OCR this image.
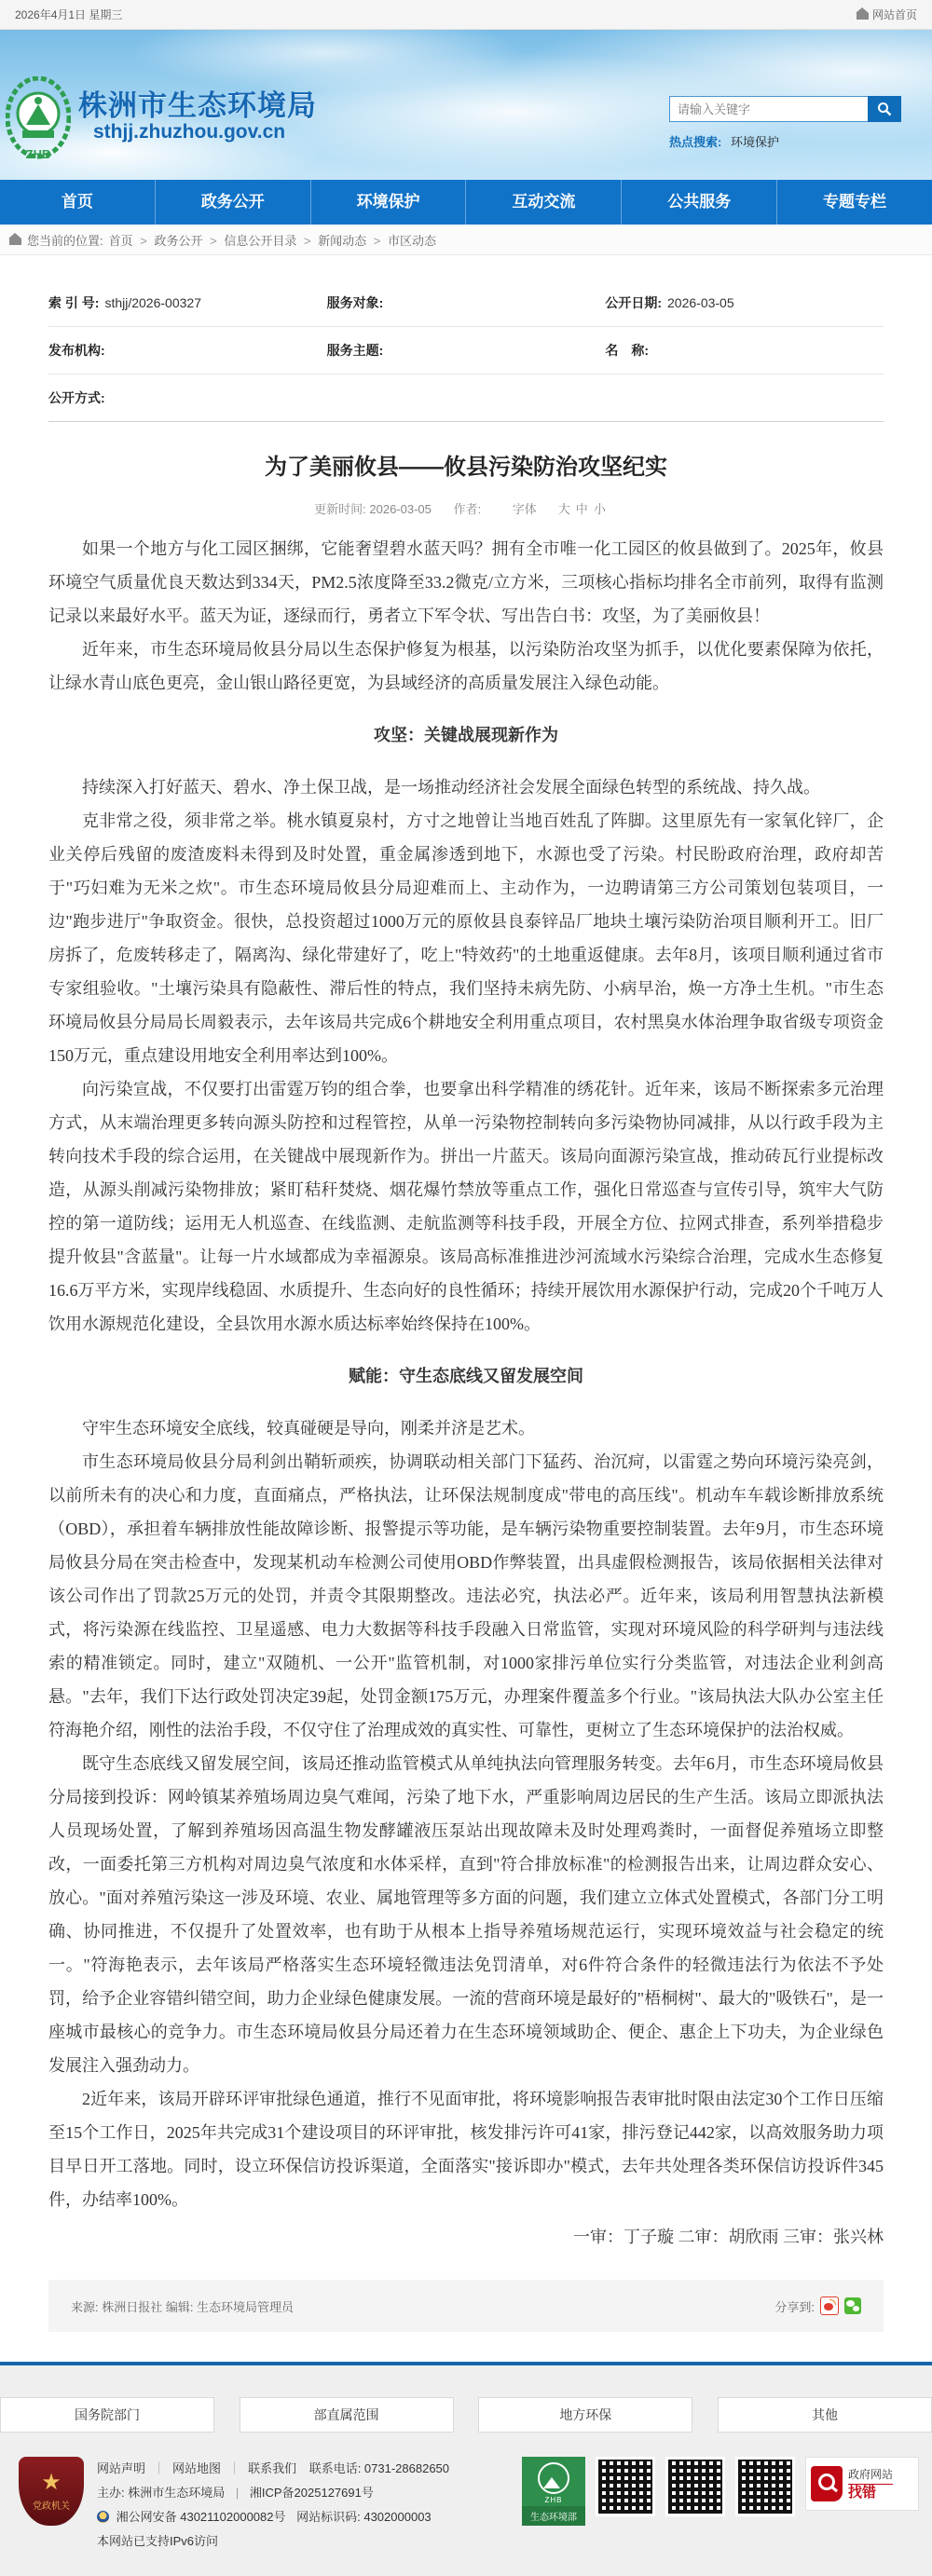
2026年4月1日 星期三	网站首页
ZHB
株洲市生态环境局
sthjj.zhuzhou.gov.cn
请输入关键字	热点搜索: 环境保护
首页	政务公开	环境保护	互动交流	公共服务	专题专栏
您当前的位置: 首页 > 政务公开 > 信息公开目录 > 新闻动态 > 市区动态
索 引 号: sthjj/2026-00327	服务对象:	公开日期: 2026-03-05
发布机构:	服务主题:	名　称:
公开方式:
为了美丽攸县——攸县污染防治攻坚纪实
更新时间: 2026-03-05 作者:	字体 大 中 小

如果一个地方与化工园区捆绑，它能奢望碧水蓝天吗？拥有全市唯一化工园区的攸县做到了。2025年，攸县环境空气质量优良天数达到334天，PM2.5浓度降至33.2微克/立方米，三项核心指标均排名全市前列，取得有监测记录以来最好水平。蓝天为证，逐绿而行，勇者立下军令状、写出告白书：攻坚，为了美丽攸县！

近年来，市生态环境局攸县分局以生态保护修复为根基，以污染防治攻坚为抓手，以优化要素保障为依托，让绿水青山底色更亮，金山银山路径更宽，为县域经济的高质量发展注入绿色动能。

攻坚：关键战展现新作为

持续深入打好蓝天、碧水、净土保卫战，是一场推动经济社会发展全面绿色转型的系统战、持久战。

克非常之役，须非常之举。桃水镇夏泉村，方寸之地曾让当地百姓乱了阵脚。这里原先有一家氧化锌厂，企业关停后残留的废渣废料未得到及时处置，重金属渗透到地下，水源也受了污染。村民盼政府治理，政府却苦于"巧妇难为无米之炊"。市生态环境局攸县分局迎难而上、主动作为，一边聘请第三方公司策划包装项目，一边"跑步进厅"争取资金。很快，总投资超过1000万元的原攸县良泰锌品厂地块土壤污染防治项目顺利开工。旧厂房拆了，危废转移走了，隔离沟、绿化带建好了，吃上"特效药"的土地重返健康。去年8月，该项目顺利通过省市专家组验收。"土壤污染具有隐蔽性、滞后性的特点，我们坚持未病先防、小病早治，焕一方净土生机。"市生态环境局攸县分局局长周毅表示，去年该局共完成6个耕地安全利用重点项目，农村黑臭水体治理争取省级专项资金150万元，重点建设用地安全利用率达到100%。

向污染宣战，不仅要打出雷霆万钧的组合拳，也要拿出科学精准的绣花针。近年来，该局不断探索多元治理方式，从末端治理更多转向源头防控和过程管控，从单一污染物控制转向多污染物协同减排，从以行政手段为主转向技术手段的综合运用，在关键战中展现新作为。拼出一片蓝天。该局向面源污染宣战，推动砖瓦行业提标改造，从源头削减污染物排放；紧盯秸秆焚烧、烟花爆竹禁放等重点工作，强化日常巡查与宣传引导，筑牢大气防控的第一道防线；运用无人机巡查、在线监测、走航监测等科技手段，开展全方位、拉网式排查，系列举措稳步提升攸县"含蓝量"。让每一片水域都成为幸福源泉。该局高标准推进沙河流域水污染综合治理，完成水生态修复16.6万平方米，实现岸线稳固、水质提升、生态向好的良性循环；持续开展饮用水源保护行动，完成20个千吨万人饮用水源规范化建设，全县饮用水源水质达标率始终保持在100%。

赋能：守生态底线又留发展空间

守牢生态环境安全底线，较真碰硬是导向，刚柔并济是艺术。

市生态环境局攸县分局利剑出鞘斩顽疾，协调联动相关部门下猛药、治沉疴，以雷霆之势向环境污染亮剑，以前所未有的决心和力度，直面痛点，严格执法，让环保法规制度成"带电的高压线"。机动车车载诊断排放系统（OBD），承担着车辆排放性能故障诊断、报警提示等功能，是车辆污染物重要控制装置。去年9月，市生态环境局攸县分局在突击检查中，发现某机动车检测公司使用OBD作弊装置，出具虚假检测报告，该局依据相关法律对该公司作出了罚款25万元的处罚，并责令其限期整改。违法必究，执法必严。近年来，该局利用智慧执法新模式，将污染源在线监控、卫星遥感、电力大数据等科技手段融入日常监管，实现对环境风险的科学研判与违法线索的精准锁定。同时，建立"双随机、一公开"监管机制，对1000家排污单位实行分类监管，对违法企业利剑高悬。"去年，我们下达行政处罚决定39起，处罚金额175万元，办理案件覆盖多个行业。"该局执法大队办公室主任符海艳介绍，刚性的法治手段，不仅守住了治理成效的真实性、可靠性，更树立了生态环境保护的法治权威。

既守生态底线又留发展空间，该局还推动监管模式从单纯执法向管理服务转变。去年6月，市生态环境局攸县分局接到投诉：网岭镇某养殖场周边臭气难闻，污染了地下水，严重影响周边居民的生产生活。该局立即派执法人员现场处置，了解到养殖场因高温生物发酵罐液压泵站出现故障未及时处理鸡粪时，一面督促养殖场立即整改，一面委托第三方机构对周边臭气浓度和水体采样，直到"符合排放标准"的检测报告出来，让周边群众安心、放心。"面对养殖污染这一涉及环境、农业、属地管理等多方面的问题，我们建立立体式处置模式，各部门分工明确、协同推进，不仅提升了处置效率，也有助于从根本上指导养殖场规范运行，实现环境效益与社会稳定的统一。"符海艳表示，去年该局严格落实生态环境轻微违法免罚清单，对6件符合条件的轻微违法行为依法不予处罚，给予企业容错纠错空间，助力企业绿色健康发展。一流的营商环境是最好的"梧桐树"、最大的"吸铁石"，是一座城市最核心的竞争力。市生态环境局攸县分局还着力在生态环境领域助企、便企、惠企上下功夫，为企业绿色发展注入强劲动力。

2近年来，该局开辟环评审批绿色通道，推行不见面审批，将环境影响报告表审批时限由法定30个工作日压缩至15个工作日，2025年共完成31个建设项目的环评审批，核发排污许可41家，排污登记442家，以高效服务助力项目早日开工落地。同时，设立环保信访投诉渠道，全面落实"接诉即办"模式，去年共处理各类环保信访投诉件345件，办结率100%。

一审：丁子璇 二审：胡欣雨 三审：张兴林

来源: 株洲日报社 编辑: 生态环境局管理员	分享到:
国务院部门	部直属范围	地方环保	其他
★
党政机关
网站声明 ｜ 网站地图 ｜ 联系我们 联系电话: 0731-28682650
主办: 株洲市生态环境局 | 湘ICP备2025127691号
湘公网安备 43021102000082号 网站标识码: 4302000003
本网站已支持IPv6访问
ZHB
生态环境部
政府网站
找错
